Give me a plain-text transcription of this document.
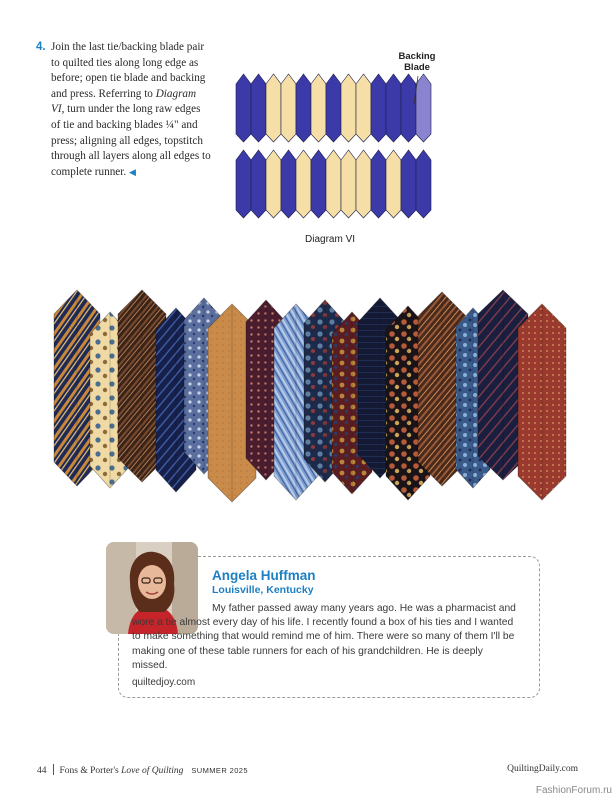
4. Join the last tie/backing blade pair to quilted ties along long edge as before; open tie blade and backing and press. Referring to Diagram VI, turn under the long raw edges of tie and backing blades ¼" and press; aligning all edges, topstitch through all layers along all edges to complete runner. ◀
Backing
Blade
Diagram VI
Angela Huffman
Louisville, Kentucky
My father passed away many years ago. He was a pharmacist and wore a tie almost every day of his life. I recently found a box of his ties and I wanted to make something that would remind me of him. There were so many of them I'll be making one of these table runners for each of his grandchildren. He is deeply missed.
quiltedjoy.com
44 Fons & Porter's Love of Quilting SUMMER 2025	QuiltingDaily.com
FashionForum.ru
